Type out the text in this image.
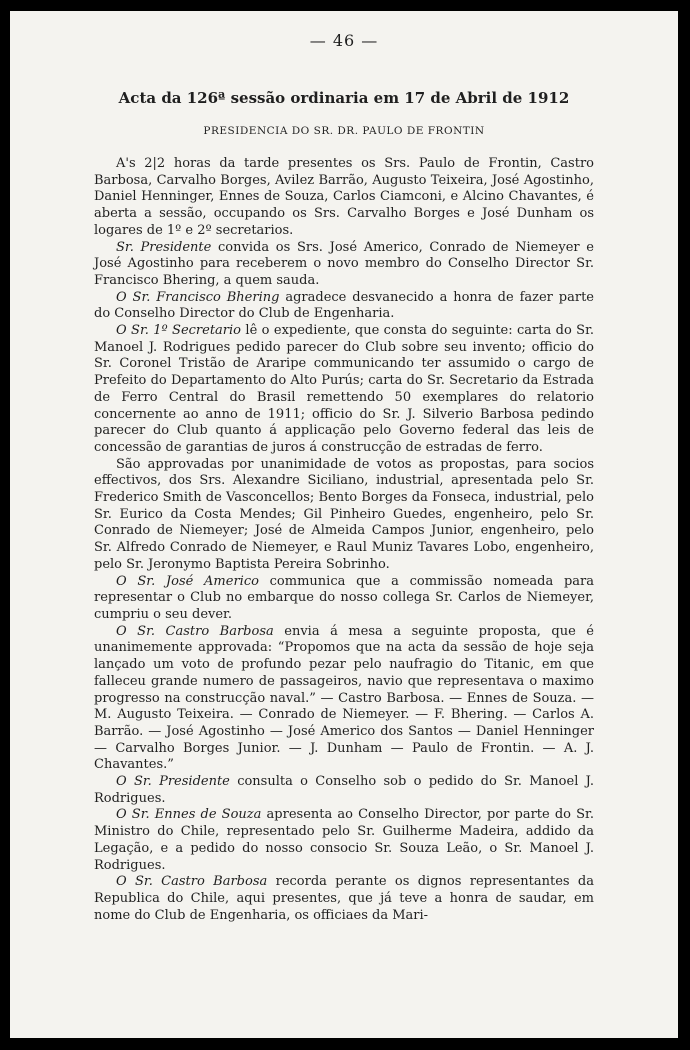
— 46 —
Acta da 126ª sessão ordinaria em 17 de Abril de 1912
PRESIDENCIA DO SR. DR. PAULO DE FRONTIN

A's 2|2 horas da tarde presentes os Srs. Paulo de Frontin, Castro Barbosa, Carvalho Borges, Avilez Barrão, Augusto Teixeira, José Agostinho, Daniel Henninger, Ennes de Souza, Carlos Ciamconi, e Alcino Chavantes, é aberta a sessão, occupando os Srs. Carvalho Borges e José Dunham os logares de 1º e 2º secretarios.

Sr. Presidente convida os Srs. José Americo, Conrado de Niemeyer e José Agostinho para receberem o novo membro do Conselho Director Sr. Francisco Bhering, a quem sauda.

O Sr. Francisco Bhering agradece desvanecido a honra de fazer parte do Conselho Director do Club de Engenharia.

O Sr. 1º Secretario lê o expediente, que consta do seguinte: carta do Sr. Manoel J. Rodrigues pedido parecer do Club sobre seu invento; officio do Sr. Coronel Tristão de Araripe communicando ter assumido o cargo de Prefeito do Departamento do Alto Purús; carta do Sr. Secretario da Estrada de Ferro Central do Brasil remettendo 50 exemplares do relatorio concernente ao anno de 1911; officio do Sr. J. Silverio Barbosa pedindo parecer do Club quanto á applicação pelo Governo federal das leis de concessão de garantias de juros á construcção de estradas de ferro.

São approvadas por unanimidade de votos as propostas, para socios effectivos, dos Srs. Alexandre Siciliano, industrial, apresentada pelo Sr. Frederico Smith de Vasconcellos; Bento Borges da Fonseca, industrial, pelo Sr. Eurico da Costa Mendes; Gil Pinheiro Guedes, engenheiro, pelo Sr. Conrado de Niemeyer; José de Almeida Campos Junior, engenheiro, pelo Sr. Alfredo Conrado de Niemeyer, e Raul Muniz Tavares Lobo, engenheiro, pelo Sr. Jeronymo Baptista Pereira Sobrinho.

O Sr. José Americo communica que a commissão nomeada para representar o Club no embarque do nosso collega Sr. Carlos de Niemeyer, cumpriu o seu dever.

O Sr. Castro Barbosa envia á mesa a seguinte proposta, que é unanimemente approvada: “Propomos que na acta da sessão de hoje seja lançado um voto de profundo pezar pelo naufragio do Titanic, em que falleceu grande numero de passageiros, navio que representava o maximo progresso na construcção naval.” — Castro Barbosa. — Ennes de Souza. — M. Augusto Teixeira. — Conrado de Niemeyer. — F. Bhering. — Carlos A. Barrão. — José Agostinho — José Americo dos Santos — Daniel Henninger — Carvalho Borges Junior. — J. Dunham — Paulo de Frontin. — A. J. Chavantes.”

O Sr. Presidente consulta o Conselho sob o pedido do Sr. Manoel J. Rodrigues.

O Sr. Ennes de Souza apresenta ao Conselho Director, por parte do Sr. Ministro do Chile, representado pelo Sr. Guilherme Madeira, addido da Legação, e a pedido do nosso consocio Sr. Souza Leão, o Sr. Manoel J. Rodrigues.

O Sr. Castro Barbosa recorda perante os dignos representantes da Republica do Chile, aqui presentes, que já teve a honra de saudar, em nome do Club de Engenharia, os officiaes da Mari-
